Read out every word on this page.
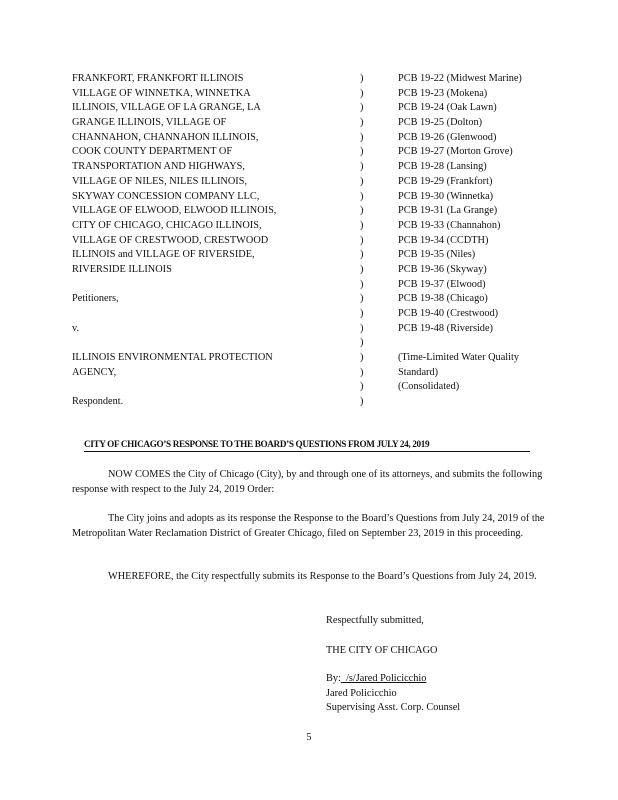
FRANKFORT, FRANKFORT ILLINOIS	)	PCB 19-22 (Midwest Marine)
VILLAGE OF WINNETKA, WINNETKA	)	PCB 19-23 (Mokena)
ILLINOIS, VILLAGE OF LA GRANGE, LA	)	PCB 19-24 (Oak Lawn)
GRANGE ILLINOIS, VILLAGE OF	)	PCB 19-25 (Dolton)
CHANNAHON, CHANNAHON ILLINOIS,	)	PCB 19-26 (Glenwood)
COOK COUNTY DEPARTMENT OF	)	PCB 19-27 (Morton Grove)
TRANSPORTATION AND HIGHWAYS,	)	PCB 19-28 (Lansing)
VILLAGE OF NILES, NILES ILLINOIS,	)	PCB 19-29 (Frankfort)
SKYWAY CONCESSION COMPANY LLC,	)	PCB 19-30 (Winnetka)
VILLAGE OF ELWOOD, ELWOOD ILLINOIS,	)	PCB 19-31 (La Grange)
CITY OF CHICAGO, CHICAGO ILLINOIS,	)	PCB 19-33 (Channahon)
VILLAGE OF CRESTWOOD, CRESTWOOD	)	PCB 19-34 (CCDTH)
ILLINOIS and VILLAGE OF RIVERSIDE,	)	PCB 19-35 (Niles)
RIVERSIDE ILLINOIS	)	PCB 19-36 (Skyway)
)	PCB 19-37 (Elwood)
Petitioners,	)	PCB 19-38 (Chicago)
)	PCB 19-40 (Crestwood)
v.	)	PCB 19-48 (Riverside)
)
ILLINOIS ENVIRONMENTAL PROTECTION	)	(Time-Limited Water Quality
AGENCY,	)	Standard)
)	(Consolidated)
Respondent.	)
CITY OF CHICAGO’S RESPONSE TO THE BOARD’S QUESTIONS FROM JULY 24, 2019

NOW COMES the City of Chicago (City), by and through one of its attorneys, and submits the following response with respect to the July 24, 2019 Order:

The City joins and adopts as its response the Response to the Board’s Questions from July 24, 2019 of the Metropolitan Water Reclamation District of Greater Chicago, filed on September 23, 2019 in this proceeding.

WHEREFORE, the City respectfully submits its Response to the Board’s Questions from July 24, 2019.

Respectfully submitted,
THE CITY OF CHICAGO
By:_/s/Jared Policicchio
Jared Policicchio
Supervising Asst. Corp. Counsel
5
